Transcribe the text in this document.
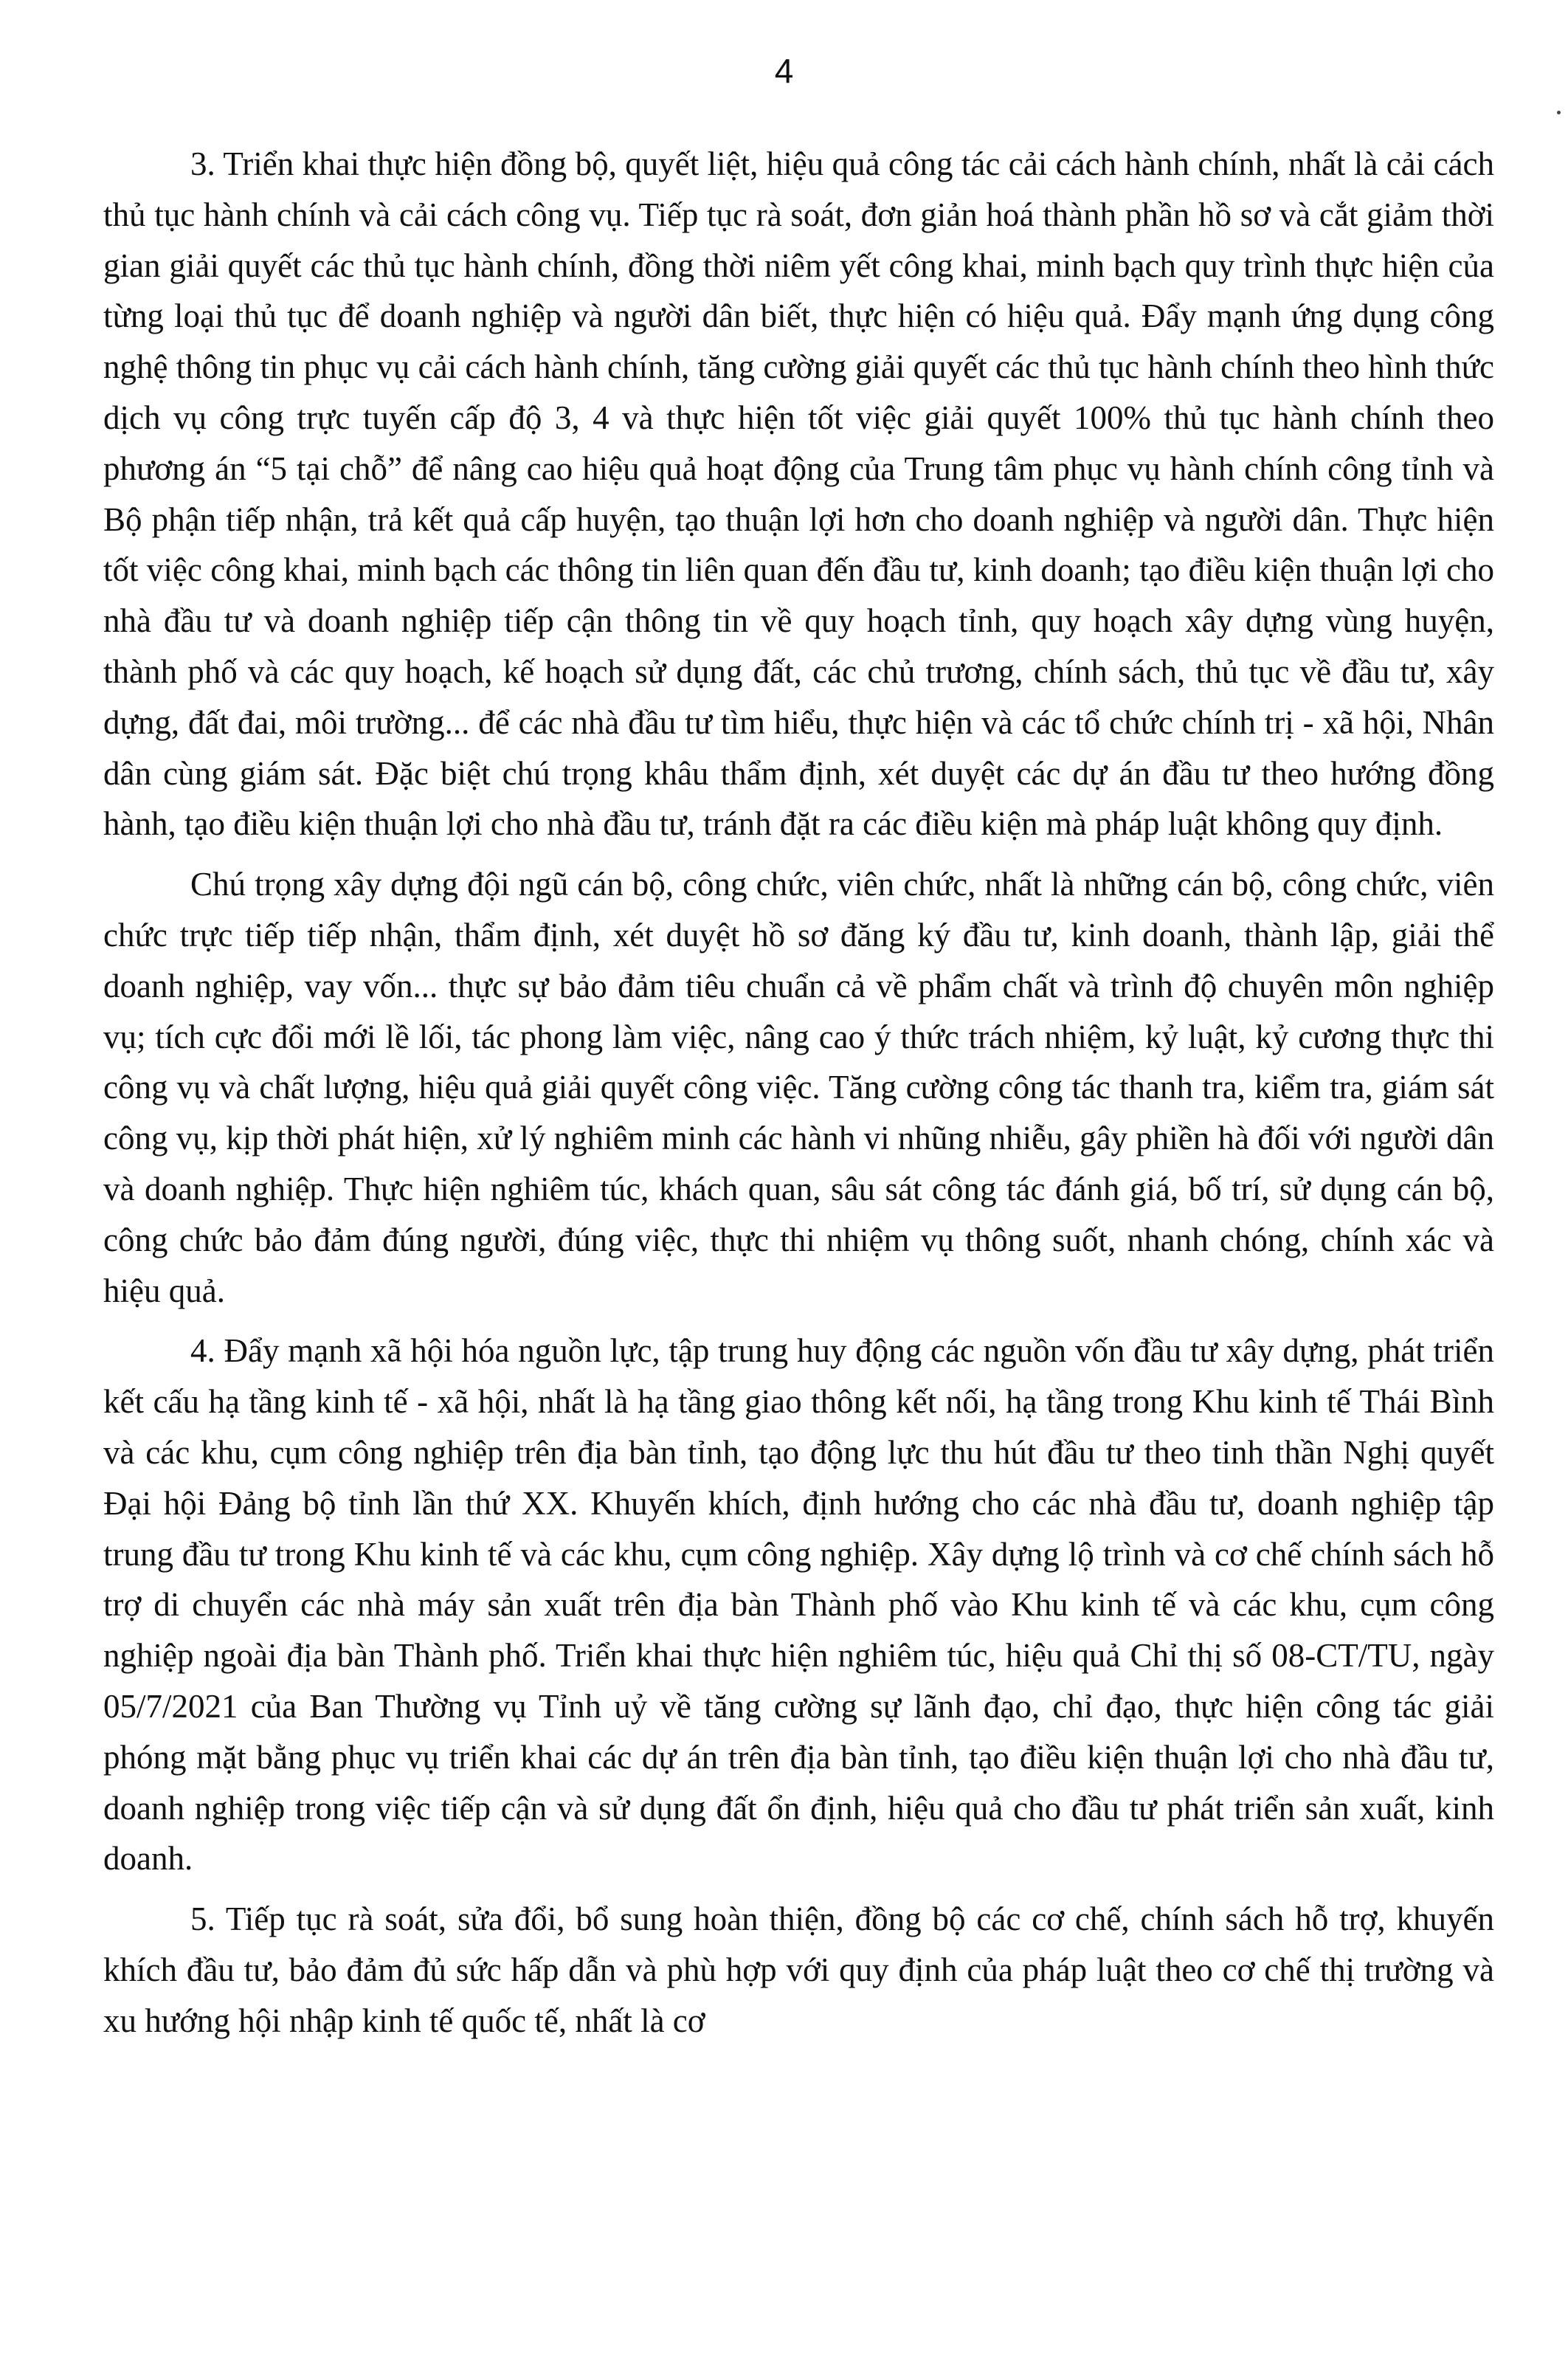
4

3. Triển khai thực hiện đồng bộ, quyết liệt, hiệu quả công tác cải cách hành chính, nhất là cải cách thủ tục hành chính và cải cách công vụ. Tiếp tục rà soát, đơn giản hoá thành phần hồ sơ và cắt giảm thời gian giải quyết các thủ tục hành chính, đồng thời niêm yết công khai, minh bạch quy trình thực hiện của từng loại thủ tục để doanh nghiệp và người dân biết, thực hiện có hiệu quả. Đẩy mạnh ứng dụng công nghệ thông tin phục vụ cải cách hành chính, tăng cường giải quyết các thủ tục hành chính theo hình thức dịch vụ công trực tuyến cấp độ 3, 4 và thực hiện tốt việc giải quyết 100% thủ tục hành chính theo phương án “5 tại chỗ” để nâng cao hiệu quả hoạt động của Trung tâm phục vụ hành chính công tỉnh và Bộ phận tiếp nhận, trả kết quả cấp huyện, tạo thuận lợi hơn cho doanh nghiệp và người dân. Thực hiện tốt việc công khai, minh bạch các thông tin liên quan đến đầu tư, kinh doanh; tạo điều kiện thuận lợi cho nhà đầu tư và doanh nghiệp tiếp cận thông tin về quy hoạch tỉnh, quy hoạch xây dựng vùng huyện, thành phố và các quy hoạch, kế hoạch sử dụng đất, các chủ trương, chính sách, thủ tục về đầu tư, xây dựng, đất đai, môi trường... để các nhà đầu tư tìm hiểu, thực hiện và các tổ chức chính trị - xã hội, Nhân dân cùng giám sát. Đặc biệt chú trọng khâu thẩm định, xét duyệt các dự án đầu tư theo hướng đồng hành, tạo điều kiện thuận lợi cho nhà đầu tư, tránh đặt ra các điều kiện mà pháp luật không quy định.

Chú trọng xây dựng đội ngũ cán bộ, công chức, viên chức, nhất là những cán bộ, công chức, viên chức trực tiếp tiếp nhận, thẩm định, xét duyệt hồ sơ đăng ký đầu tư, kinh doanh, thành lập, giải thể doanh nghiệp, vay vốn... thực sự bảo đảm tiêu chuẩn cả về phẩm chất và trình độ chuyên môn nghiệp vụ; tích cực đổi mới lề lối, tác phong làm việc, nâng cao ý thức trách nhiệm, kỷ luật, kỷ cương thực thi công vụ và chất lượng, hiệu quả giải quyết công việc. Tăng cường công tác thanh tra, kiểm tra, giám sát công vụ, kịp thời phát hiện, xử lý nghiêm minh các hành vi nhũng nhiễu, gây phiền hà đối với người dân và doanh nghiệp. Thực hiện nghiêm túc, khách quan, sâu sát công tác đánh giá, bố trí, sử dụng cán bộ, công chức bảo đảm đúng người, đúng việc, thực thi nhiệm vụ thông suốt, nhanh chóng, chính xác và hiệu quả.

4. Đẩy mạnh xã hội hóa nguồn lực, tập trung huy động các nguồn vốn đầu tư xây dựng, phát triển kết cấu hạ tầng kinh tế - xã hội, nhất là hạ tầng giao thông kết nối, hạ tầng trong Khu kinh tế Thái Bình và các khu, cụm công nghiệp trên địa bàn tỉnh, tạo động lực thu hút đầu tư theo tinh thần Nghị quyết Đại hội Đảng bộ tỉnh lần thứ XX. Khuyến khích, định hướng cho các nhà đầu tư, doanh nghiệp tập trung đầu tư trong Khu kinh tế và các khu, cụm công nghiệp. Xây dựng lộ trình và cơ chế chính sách hỗ trợ di chuyển các nhà máy sản xuất trên địa bàn Thành phố vào Khu kinh tế và các khu, cụm công nghiệp ngoài địa bàn Thành phố. Triển khai thực hiện nghiêm túc, hiệu quả Chỉ thị số 08-CT/TU, ngày 05/7/2021 của Ban Thường vụ Tỉnh uỷ về tăng cường sự lãnh đạo, chỉ đạo, thực hiện công tác giải phóng mặt bằng phục vụ triển khai các dự án trên địa bàn tỉnh, tạo điều kiện thuận lợi cho nhà đầu tư, doanh nghiệp trong việc tiếp cận và sử dụng đất ổn định, hiệu quả cho đầu tư phát triển sản xuất, kinh doanh.

5. Tiếp tục rà soát, sửa đổi, bổ sung hoàn thiện, đồng bộ các cơ chế, chính sách hỗ trợ, khuyến khích đầu tư, bảo đảm đủ sức hấp dẫn và phù hợp với quy định của pháp luật theo cơ chế thị trường và xu hướng hội nhập kinh tế quốc tế, nhất là cơ
